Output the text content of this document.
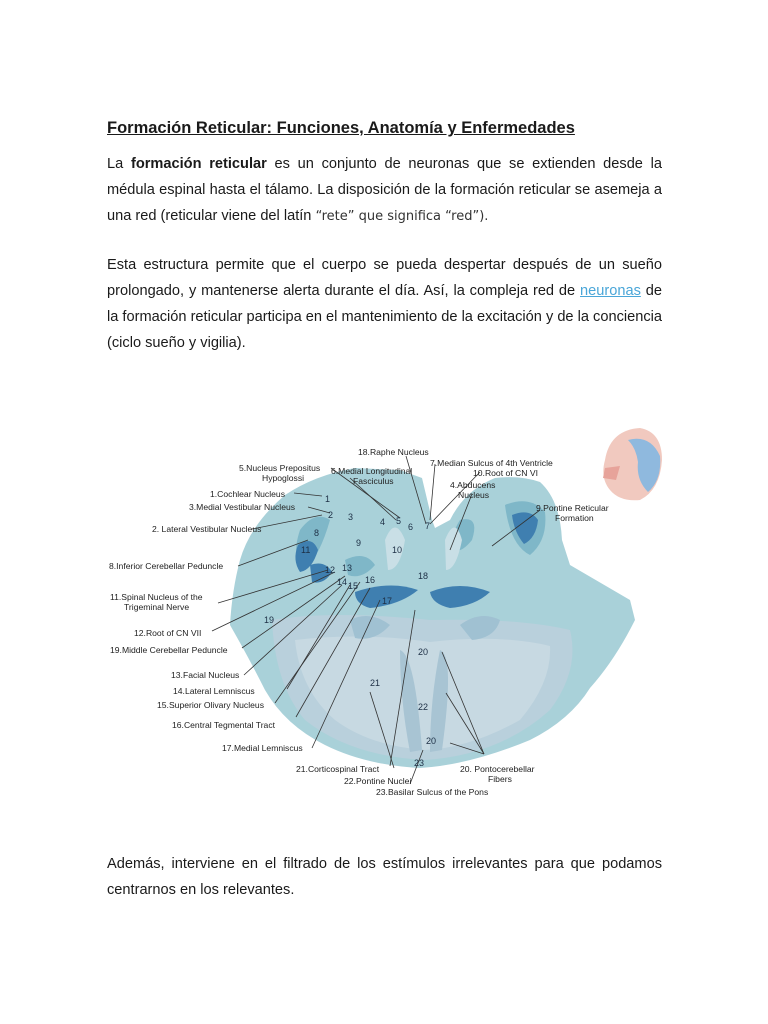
Formación Reticular: Funciones, Anatomía y Enfermedades

La formación reticular es un conjunto de neuronas que se extienden desde la médula espinal hasta el tálamo. La disposición de la formación reticular se asemeja a una red (reticular viene del latín “rete” que significa “red”).

Esta estructura permite que el cuerpo se pueda despertar después de un sueño prolongado, y mantenerse alerta durante el día. Así, la compleja red de neuronas de la formación reticular participa en el mantenimiento de la excitación y de la conciencia (ciclo sueño y vigilia).

18.Raphe Nucleus
7.Median Sulcus of 4th Ventricle
5.Nucleus Prepositus
Hypoglossi
6.Medial Longitudinal
Fasciculus
10.Root of CN VI
4.Abducens
Nucleus
1.Cochlear Nucleus
3.Medial Vestibular Nucleus	9.Pontine Reticular
Formation
2. Lateral Vestibular Nucleus
8.Inferior Cerebellar Peduncle
11.Spinal Nucleus of the
Trigeminal Nerve
12.Root of CN VII
19.Middle Cerebellar Peduncle
13.Facial Nucleus
14.Lateral Lemniscus
15.Superior Olivary Nucleus
16.Central Tegmental Tract
17.Medial Lemniscus
21.Corticospinal Tract	20. Pontocerebellar
Fibers
22.Pontine Nuclei
23.Basilar Sulcus of the Pons
1
2 3	4 5
6 7
8
9
10
11
12 13
14 15
16
17
18
19
20
20
21
22
23

Además, interviene en el filtrado de los estímulos irrelevantes para que podamos centrarnos en los relevantes.
